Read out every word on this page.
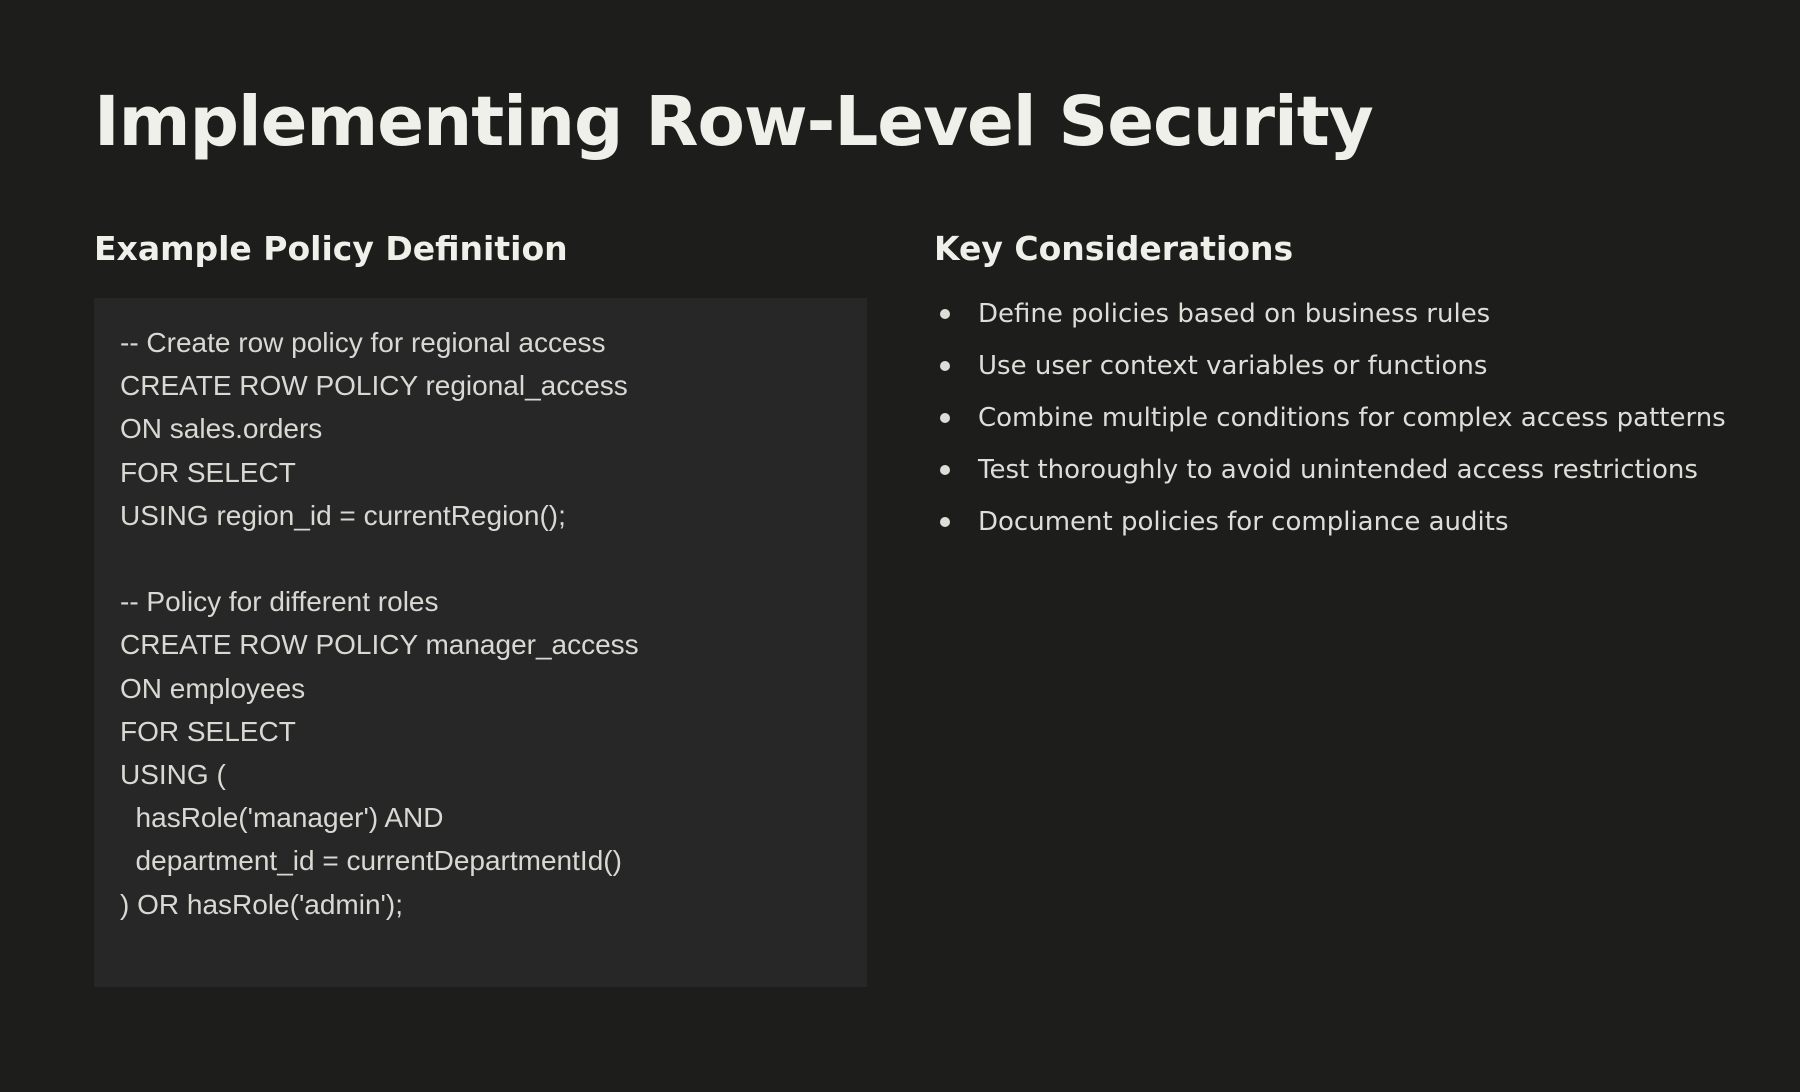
Implementing Row-Level Security
Example Policy Definition
-- Create row policy for regional access
CREATE ROW POLICY regional_access
ON sales.orders
FOR SELECT
USING region_id = currentRegion();

-- Policy for different roles
CREATE ROW POLICY manager_access
ON employees
FOR SELECT
USING (
hasRole('manager') AND
department_id = currentDepartmentId()
) OR hasRole('admin');
Key Considerations
Define policies based on business rules
Use user context variables or functions
Combine multiple conditions for complex access patterns
Test thoroughly to avoid unintended access restrictions
Document policies for compliance audits
